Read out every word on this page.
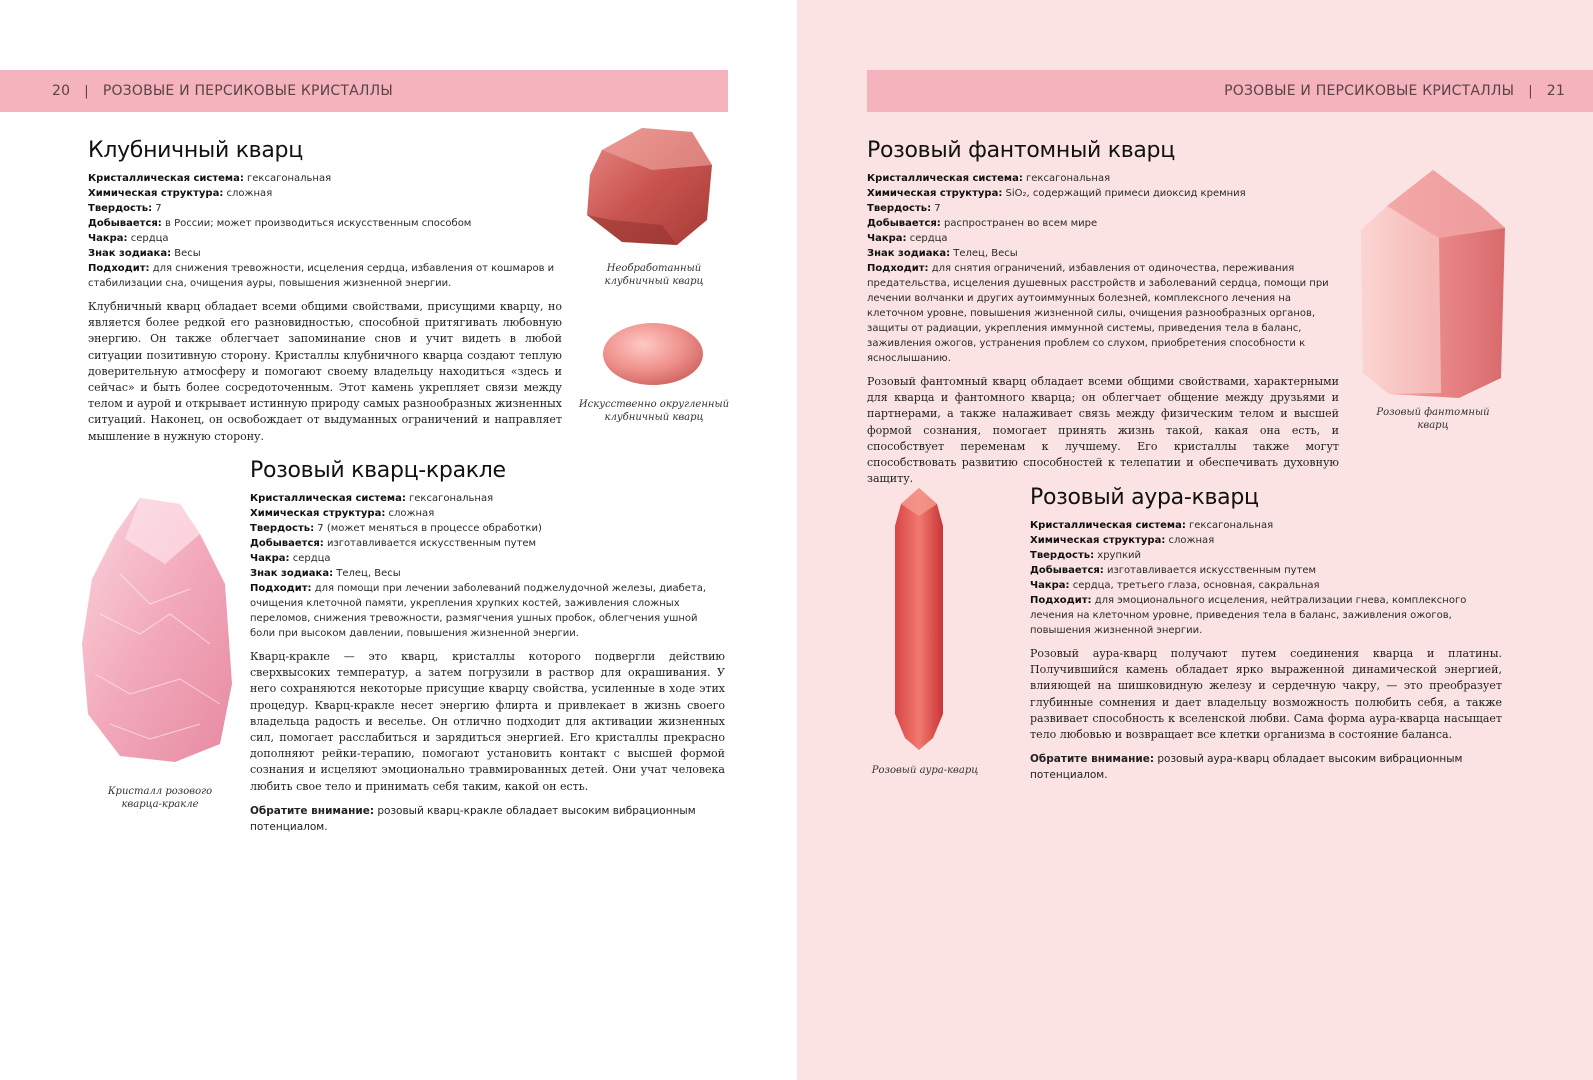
20 | РОЗОВЫЕ И ПЕРСИКОВЫЕ КРИСТАЛЛЫ
Клубничный кварц

Кристаллическая система: гексагональная

Химическая структура: сложная

Твердость: 7

Добывается: в России; может производиться искусственным способом

Чакра: сердца

Знак зодиака: Весы

Подходит: для снижения тревожности, исцеления сердца, избавления от кошмаров и стабилизации сна, очищения ауры, повышения жизненной энергии.

Клубничный кварц обладает всеми общими свойствами, присущими кварцу, но является более редкой его разновидностью, способной притягивать любовную энергию. Он также облегчает запоминание снов и учит видеть в любой ситуации позитивную сторону. Кристаллы клубничного кварца создают теплую доверительную атмосферу и помогают своему владельцу находиться «здесь и сейчас» и быть более сосредоточенным. Этот камень укрепляет связи между телом и аурой и открывает истинную природу самых разнообразных жизненных ситуаций. Наконец, он освобождает от выдуманных ограничений и направляет мышление в нужную сторону.
Необработанный клубничный кварц
Искусственно округленный клубничный кварц
Кристалл розового кварца-кракле
Розовый кварц-кракле

Кристаллическая система: гексагональная

Химическая структура: сложная

Твердость: 7 (может меняться в процессе обработки)

Добывается: изготавливается искусственным путем

Чакра: сердца

Знак зодиака: Телец, Весы

Подходит: для помощи при лечении заболеваний поджелудочной железы, диабета, очищения клеточной памяти, укрепления хрупких костей, заживления сложных переломов, снижения тревожности, размягчения ушных пробок, облегчения ушной боли при высоком давлении, повышения жизненной энергии.

Кварц-кракле — это кварц, кристаллы которого подвергли действию сверхвысоких температур, а затем погрузили в раствор для окрашивания. У него сохраняются некоторые присущие кварцу свойства, усиленные в ходе этих процедур. Кварц-кракле несет энергию флирта и привлекает в жизнь своего владельца радость и веселье. Он отлично подходит для активации жизненных сил, помогает расслабиться и зарядиться энергией. Его кристаллы прекрасно дополняют рейки-терапию, помогают установить контакт с высшей формой сознания и исцеляют эмоционально травмированных детей. Они учат человека любить свое тело и принимать себя таким, какой он есть.
Обратите внимание: розовый кварц-кракле обладает высоким вибрационным потенциалом.
РОЗОВЫЕ И ПЕРСИКОВЫЕ КРИСТАЛЛЫ | 21
Розовый фантомный кварц

Кристаллическая система: гексагональная

Химическая структура: SiO₂, содержащий примеси диоксид кремния

Твердость: 7

Добывается: распространен во всем мире

Чакра: сердца

Знак зодиака: Телец, Весы

Подходит: для снятия ограничений, избавления от одиночества, переживания предательства, исцеления душевных расстройств и заболеваний сердца, помощи при лечении волчанки и других аутоиммунных болезней, комплексного лечения на клеточном уровне, повышения жизненной силы, очищения разнообразных органов, защиты от радиации, укрепления иммунной системы, приведения тела в баланс, заживления ожогов, устранения проблем со слухом, приобретения способности к яснослышанию.

Розовый фантомный кварц обладает всеми общими свойствами, характерными для кварца и фантомного кварца; он облегчает общение между друзьями и партнерами, а также налаживает связь между физическим телом и высшей формой сознания, помогает принять жизнь такой, какая она есть, и способствует переменам к лучшему. Его кристаллы также могут способствовать развитию способностей к телепатии и обеспечивать духовную защиту.
Розовый фантомный кварц
Розовый аура-кварц
Розовый аура-кварц

Кристаллическая система: гексагональная

Химическая структура: сложная

Твердость: хрупкий

Добывается: изготавливается искусственным путем

Чакра: сердца, третьего глаза, основная, сакральная

Подходит: для эмоционального исцеления, нейтрализации гнева, комплексного лечения на клеточном уровне, приведения тела в баланс, заживления ожогов, повышения жизненной энергии.

Розовый аура-кварц получают путем соединения кварца и платины. Получившийся камень обладает ярко выраженной динамической энергией, влияющей на шишковидную железу и сердечную чакру, — это преобразует глубинные сомнения и дает владельцу возможность полюбить себя, а также развивает способность к вселенской любви. Сама форма аура-кварца насыщает тело любовью и возвращает все клетки организма в состояние баланса.
Обратите внимание: розовый аура-кварц обладает высоким вибрационным потенциалом.
